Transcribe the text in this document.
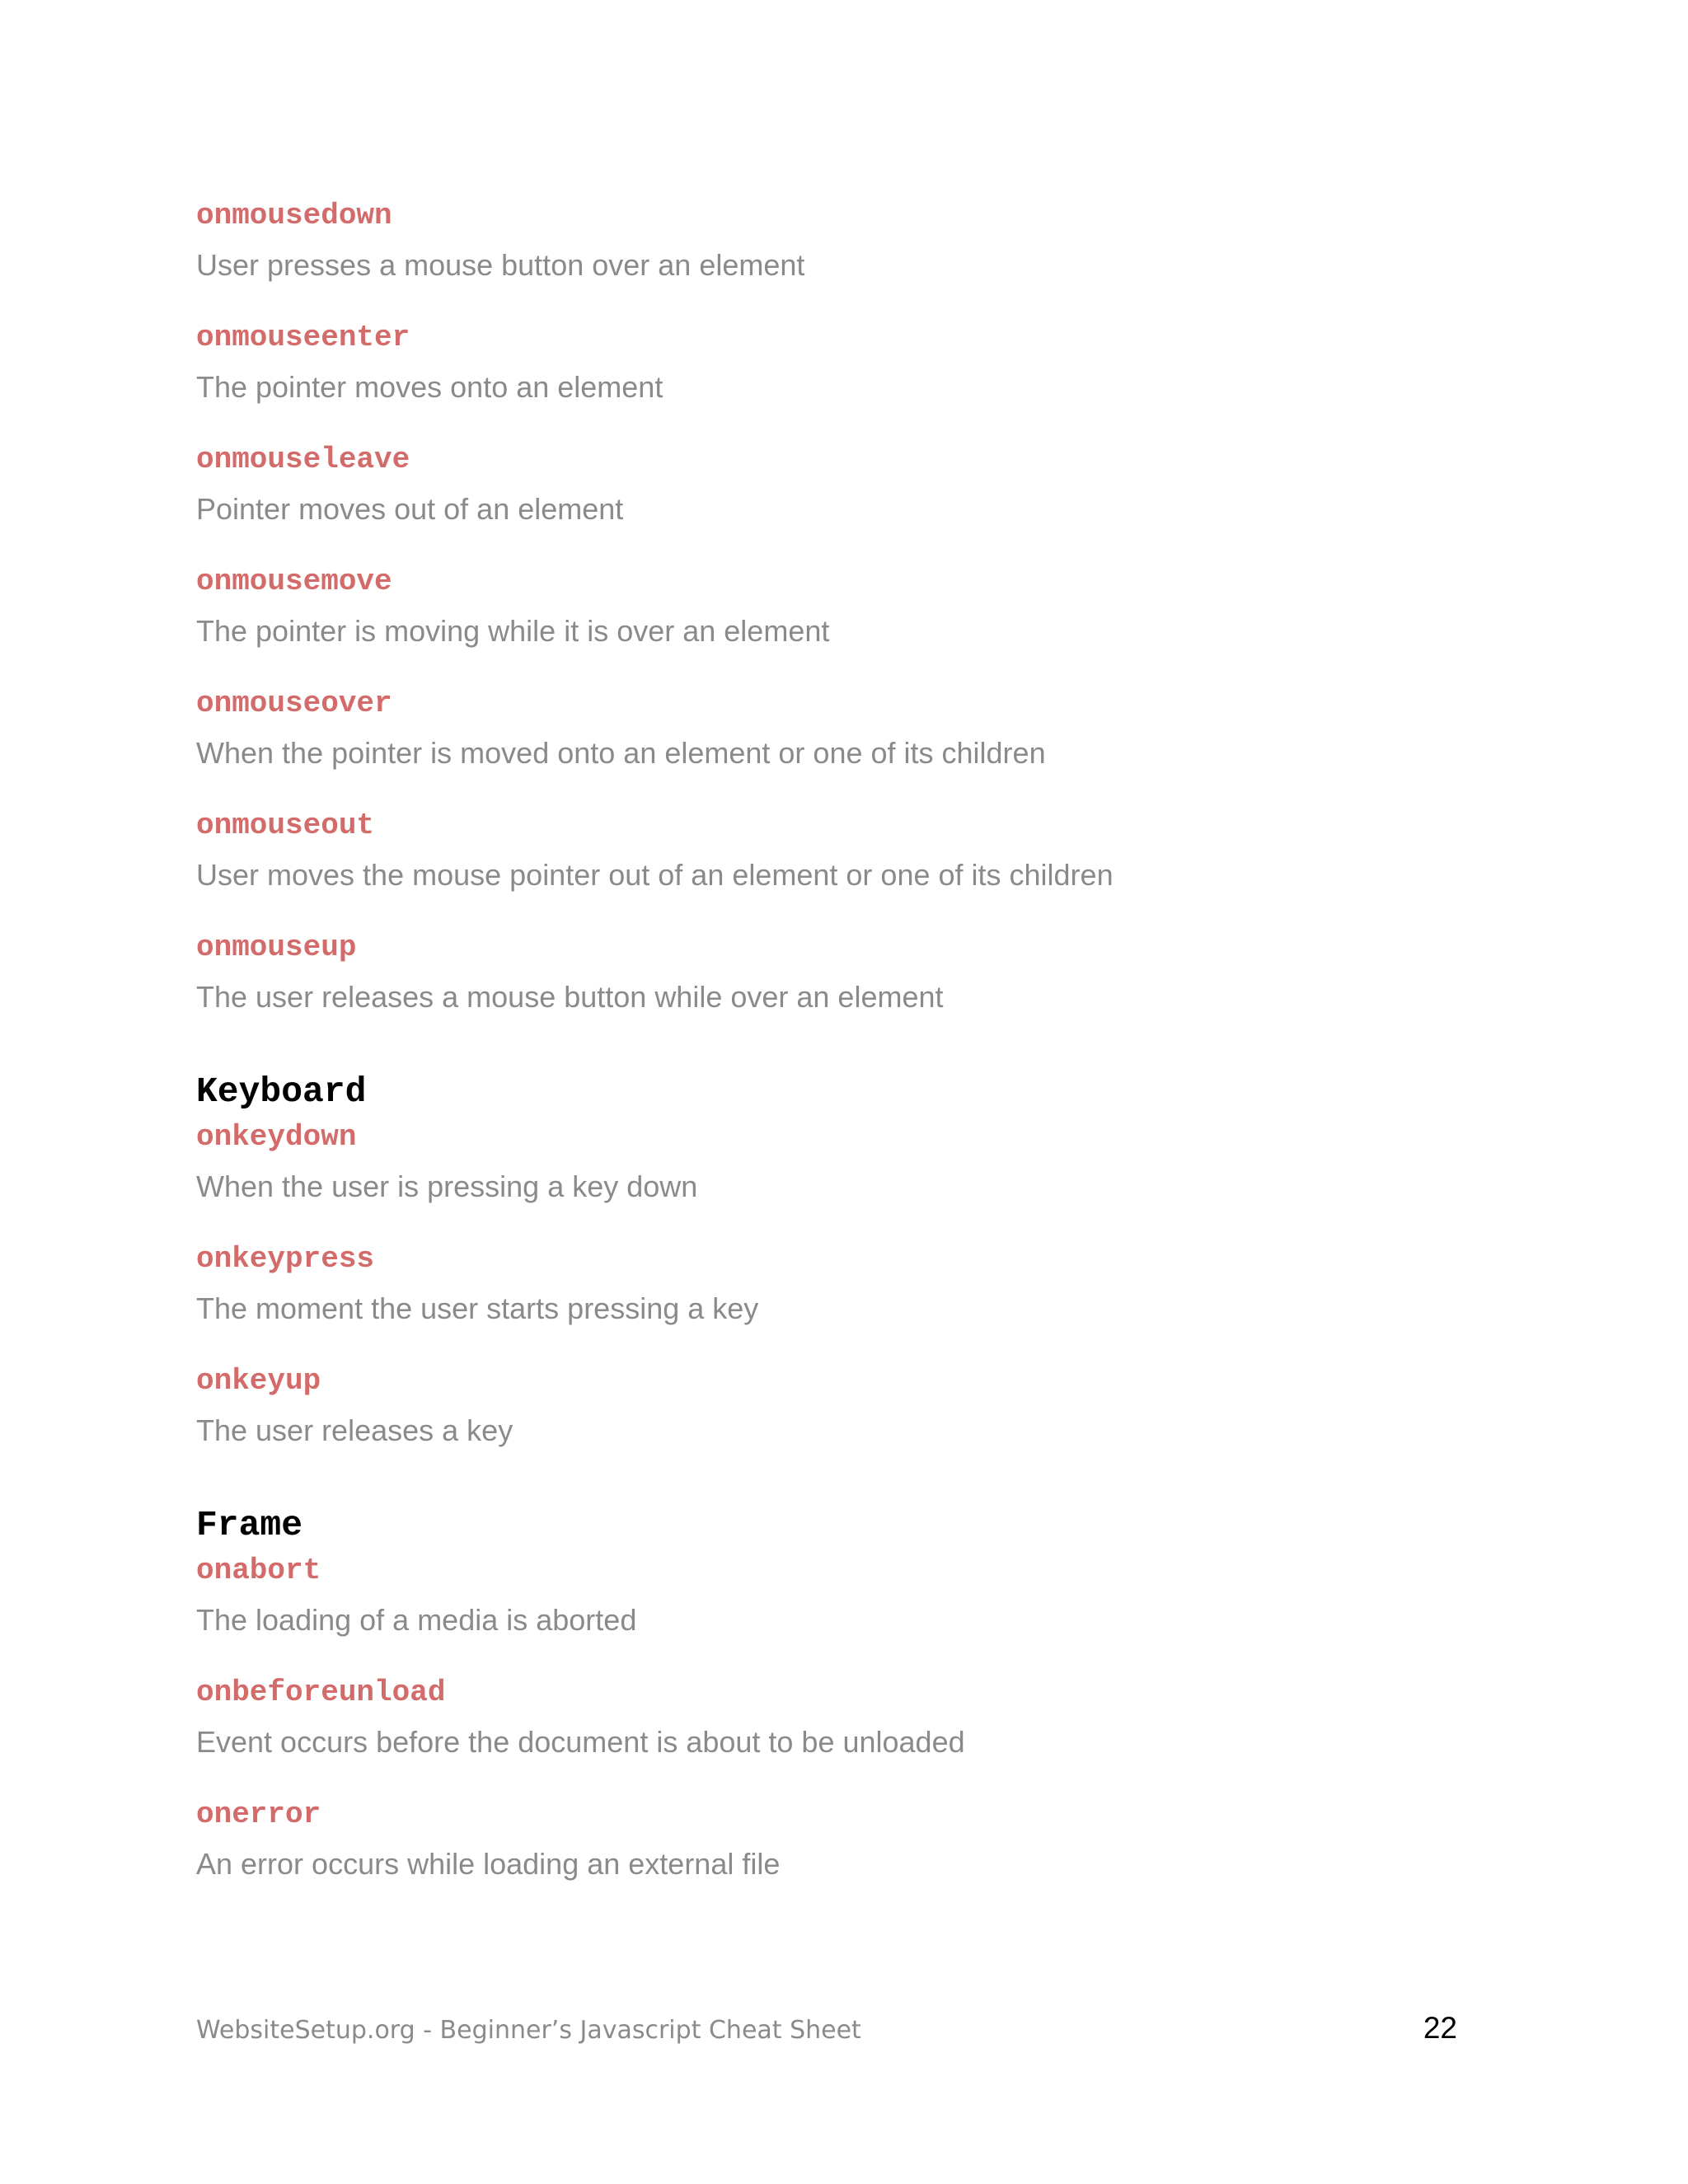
onmousedown

User presses a mouse button over an element

onmouseenter

The pointer moves onto an element

onmouseleave

Pointer moves out of an element

onmousemove

The pointer is moving while it is over an element

onmouseover

When the pointer is moved onto an element or one of its children

onmouseout

User moves the mouse pointer out of an element or one of its children

onmouseup

The user releases a mouse button while over an element

Keyboard

onkeydown

When the user is pressing a key down

onkeypress

The moment the user starts pressing a key

onkeyup

The user releases a key

Frame

onabort

The loading of a media is aborted

onbeforeunload

Event occurs before the document is about to be unloaded

onerror

An error occurs while loading an external file

WebsiteSetup.org - Beginner’s Javascript Cheat Sheet	22
